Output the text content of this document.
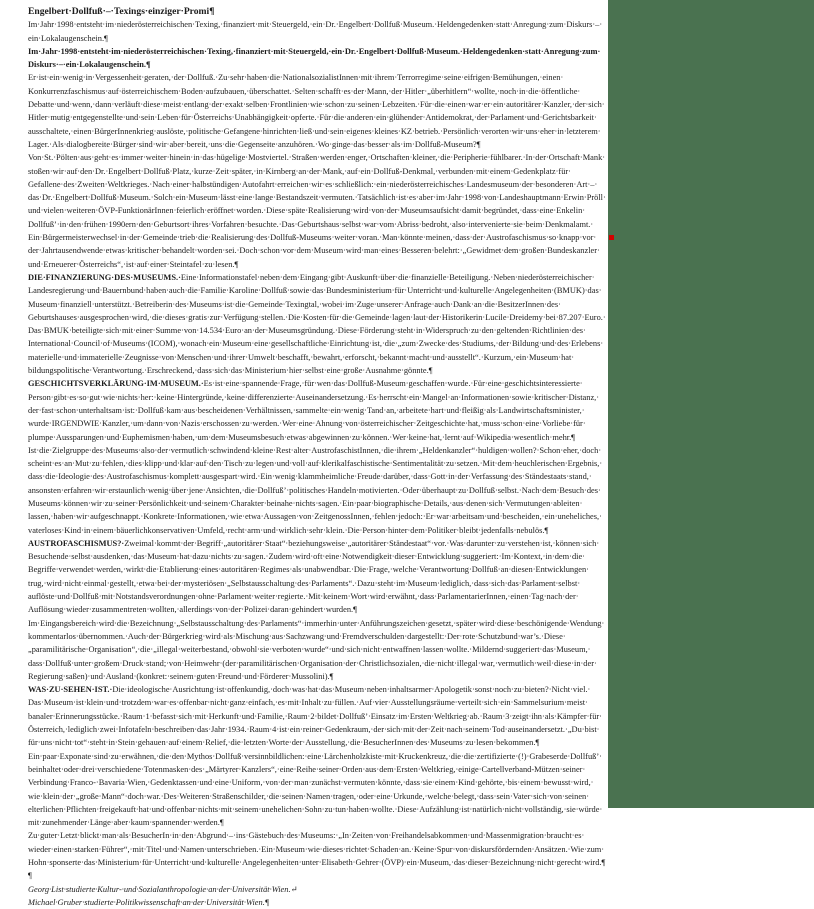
Engelbert·​Dollfuß·​–·​Texings·​einziger·​Promi¶

Im·​Jahr·​1998·​entsteht·​im·​niederösterreichischen·​Texing,·​finanziert·​mit·​Steuergeld,·​ein·​Dr.·​Engelbert·​Dollfuß·​Museum.·​Heldengedenken·​statt·​Anregung·​zum·​Diskurs·​–·​ein·​Lokalaugenschein.¶

Im·​Jahr·​1998·​entsteht·​im·​niederösterreichischen·​Texing,·​finanziert·​mit·​Steuergeld,·​ein·​Dr.·​Engelbert·​Dollfuß·​Museum.·​Heldengedenken·​statt·​Anregung·​zum·​Diskurs·​–·​ein·​Lokalaugenschein.¶

Er·​ist·​ein·​wenig·​in·​Vergessenheit·​geraten,·​der·​Dollfuß.·​Zu·​sehr·​haben·​die·​NationalsozialistInnen·​mit·​ihrem·​Terrorregime·​seine·​eifrigen·​Bemühungen,·​einen·​Konkurrenzfaschismus·​auf·​österreichischem·​Boden·​aufzubauen,·​überschattet.·​Selten·​schafft·​es·​der·​Mann,·​der·​Hitler·​„überhitlern“·​wollte,·​noch·​in·​die·​öffentliche·​Debatte·​und·​wenn,·​dann·​verläuft·​diese·​meist·​entlang·​der·​exakt·​selben·​Frontlinien·​wie·​schon·​zu·​seinen·​Lebzeiten.·​Für·​die·​einen·​war·​er·​ein·​autoritärer·​Kanzler,·​der·​sich·​Hitler·​mutig·​entgegenstellte·​und·​sein·​Leben·​für·​Österreichs·​Unabhängigkeit·​opferte.·​Für·​die·​anderen·​ein·​glühender·​Antidemokrat,·​der·​Parlament·​und·​Gerichtsbarkeit·​ausschaltete,·​einen·​BürgerInnenkrieg·​auslöste,·​politische·​Gefangene·​hinrichten·​ließ·​und·​sein·​eigenes·​kleines·​KZ·​betrieb.·​Persönlich·​verorten·​wir·​uns·​eher·​in·​letzterem·​Lager.·​Als·​dialogbereite·​Bürger·​sind·​wir·​aber·​bereit,·​uns·​die·​Gegenseite·​anzuhören.·​Wo·​ginge·​das·​besser·​als·​im·​Dollfuß-Museum?¶

Von·​St.·​Pölten·​aus·​geht·​es·​immer·​weiter·​hinein·​in·​das·​hügelige·​Mostviertel.·​Straßen·​werden·​enger,·​Ortschaften·​kleiner,·​die·​Peripherie·​fühlbarer.·​In·​der·​Ortschaft·​Mank·​stoßen·​wir·​auf·​den·​Dr.·​Engelbert·​Dollfuß·​Platz,·​kurze·​Zeit·​später,·​in·​Kirnberg·​an·​der·​Mank,·​auf·​ein·​Dollfuß-Denkmal,·​verbunden·​mit·​einem·​Gedenkplatz·​für·​Gefallene·​des·​Zweiten·​Weltkrieges.·​Nach·​einer·​halbstündigen·​Autofahrt·​erreichen·​wir·​es·​schließlich:·​ein·​niederösterreichisches·​Landesmuseum·​der·​besonderen·​Art·​–·​das·​Dr.·​Engelbert·​Dollfuß·​Museum.·​Solch·​ein·​Museum·​lässt·​eine·​lange·​Bestandszeit·​vermuten.·​Tatsächlich·​ist·​es·​aber·​im·​Jahr·​1998·​von·​Landeshauptmann·​Erwin·​Pröll·​und·​vielen·​weiteren·​ÖVP-FunktionärInnen·​feierlich·​eröffnet·​worden.·​Diese·​späte·​Realisierung·​wird·​von·​der·​Museumsaufsicht·​damit·​begründet,·​dass·​eine·​Enkelin·​Dollfuß’·​in·​den·​frühen·​1990ern·​den·​Geburtsort·​ihres·​Vorfahren·​besuchte.·​Das·​Geburtshaus·​selbst·​war·​vom·​Abriss·​bedroht,·​also·​intervenierte·​sie·​beim·​Denkmalamt.·​Ein·​Bürgermeisterwechsel·​in·​der·​Gemeinde·​trieb·​die·​Realisierung·​des·​Dollfuß-Museums·​weiter·​voran.·​Man·​könnte·​meinen,·​dass·​der·​Austrofaschismus·​so·​knapp·​vor·​der·​Jahrtausendwende·​etwas·​kritischer·​behandelt·​worden·​sei.·​Doch·​schon·​vor·​dem·​Museum·​wird·​man·​eines·​Besseren·​belehrt:·​„Gewidmet·​dem·​großen·​Bundeskanzler·​und·​Erneuerer·​Österreichs“,·​ist·​auf·​einer·​Steintafel·​zu·​lesen.¶

DIE·​FINANZIERUNG·​DES·​MUSEUMS.·​Eine·​Informationstafel·​neben·​dem·​Eingang·​gibt·​Auskunft·​über·​die·​finanzielle·​Beteiligung.·​Neben·​niederösterreichischer·​Landesregierung·​und·​Bauernbund·​haben·​auch·​die·​Familie·​Karoline·​Dollfuß·​sowie·​das·​Bundesministerium·​für·​Unterricht·​und·​kulturelle·​Angelegenheiten·​(BMUK)·​das·​Museum·​finanziell·​unterstützt.·​Betreiberin·​des·​Museums·​ist·​die·​Gemeinde·​Texingtal,·​wobei·​im·​Zuge·​unserer·​Anfrage·​auch·​Dank·​an·​die·​BesitzerInnen·​des·​Geburtshauses·​ausgesprochen·​wird,·​die·​dieses·​gratis·​zur·​Verfügung·​stellen.·​Die·​Kosten·​für·​die·​Gemeinde·​lagen·​laut·​der·​Historikerin·​Lucile·​Dreidemy·​bei·​87.207·​Euro.·​Das·​BMUK·​beteiligte·​sich·​mit·​einer·​Summe·​von·​14.534·​Euro·​an·​der·​Museumsgründung.·​Diese·​Förderung·​steht·​in·​Widerspruch·​zu·​den·​geltenden·​Richtlinien·​des·​International·​Council·​of·​Museums·​(ICOM),·​wonach·​ein·​Museum·​eine·​gesellschaftliche·​Einrichtung·​ist,·​die·​„zum·​Zwecke·​des·​Studiums,·​der·​Bildung·​und·​des·​Erlebens·​materielle·​und·​immaterielle·​Zeugnisse·​von·​Menschen·​und·​ihrer·​Umwelt·​beschafft,·​bewahrt,·​erforscht,·​bekannt·​macht·​und·​ausstellt“.·​Kurzum,·​ein·​Museum·​hat·​bildungspolitische·​Verantwortung.·​Erschreckend,·​dass·​sich·​das·​Ministerium·​hier·​selbst·​eine·​große·​Ausnahme·​gönnte.¶

GESCHICHTSVERKLÄRUNG·​IM·​MUSEUM.·​Es·​ist·​eine·​spannende·​Frage,·​für·​wen·​das·​Dollfuß-Museum·​geschaffen·​wurde.·​Für·​eine·​geschichtsinteressierte·​Person·​gibt·​es·​so·​gut·​wie·​nichts·​her:·​keine·​Hintergründe,·​keine·​differenzierte·​Auseinandersetzung.·​Es·​herrscht·​ein·​Mangel·​an·​Informationen·​sowie·​kritischer·​Distanz,·​der·​fast·​schon·​unterhaltsam·​ist:·​Dollfuß·​kam·​aus·​bescheidenen·​Verhältnissen,·​sammelte·​ein·​wenig·​Tand·​an,·​arbeitete·​hart·​und·​fleißig·​als·​Landwirtschaftsminister,·​wurde·​IRGENDWIE·​Kanzler,·​um·​dann·​von·​Nazis·​erschossen·​zu·​werden.·​Wer·​eine·​Ahnung·​von·​österreichischer·​Zeitgeschichte·​hat,·​muss·​schon·​eine·​Vorliebe·​für·​plumpe·​Aussparungen·​und·​Euphemismen·​haben,·​um·​dem·​Museumsbesuch·​etwas·​abgewinnen·​zu·​können.·​Wer·​keine·​hat,·​lernt·​auf·​Wikipedia·​wesentlich·​mehr.¶

Ist·​die·​Zielgruppe·​des·​Museums·​also·​der·​vermutlich·​schwindend·​kleine·​Rest·​alter·​AustrofaschistInnen,·​die·​ihrem·​„Heldenkanzler“·​huldigen·​wollen?·​Schon·​eher,·​doch·​scheint·​es·​an·​Mut·​zu·​fehlen,·​dies·​klipp·​und·​klar·​auf·​den·​Tisch·​zu·​legen·​und·​voll·​auf·​klerikalfaschistische·​Sentimentalität·​zu·​setzen.·​Mit·​dem·​heuchlerischen·​Ergebnis,·​dass·​die·​Ideologie·​des·​Austrofaschismus·​komplett·​ausgespart·​wird.·​Ein·​wenig·​klammheimliche·​Freude·​darüber,·​dass·​Gott·​in·​der·​Verfassung·​des·​Ständestaats·​stand,·​ansonsten·​erfahren·​wir·​erstaunlich·​wenig·​über·​jene·​Ansichten,·​die·​Dollfuß’·​politisches·​Handeln·​motivierten.·​Oder·​überhaupt·​zu·​Dollfuß·​selbst.·​Nach·​dem·​Besuch·​des·​Museums·​können·​wir·​zu·​seiner·​Persönlichkeit·​und·​seinem·​Charakter·​beinahe·​nichts·​sagen.·​Ein·​paar·​biographische·​Details,·​aus·​denen·​sich·​Vermutungen·​ableiten·​lassen,·​haben·​wir·​aufgeschnappt.·​Konkrete·​Informationen,·​wie·​etwa·​Aussagen·​von·​ZeitgenossInnen,·​fehlen·​jedoch:·​Er·​war·​arbeitsam·​und·​bescheiden,·​ein·​uneheliches,·​vaterloses·​Kind·​in·​einem·​bäuerlichkonservativen·​Umfeld,·​recht·​arm·​und·​wirklich·​sehr·​klein.·​Die·​Person·​hinter·​dem·​Politiker·​bleibt·​jedenfalls·​nebulös.¶

AUSTROFASCHISMUS?·​Zweimal·​kommt·​der·​Begriff·​„autoritärer·​Staat“·​beziehungsweise·​„autoritärer·​Ständestaat“·​vor.·​Was·​darunter·​zu·​verstehen·​ist,·​können·​sich·​Besuchende·​selbst·​ausdenken,·​das·​Museum·​hat·​dazu·​nichts·​zu·​sagen.·​Zudem·​wird·​oft·​eine·​Notwendigkeit·​dieser·​Entwicklung·​suggeriert:·​Im·​Kontext,·​in·​dem·​die·​Begriffe·​verwendet·​werden,·​wirkt·​die·​Etablierung·​eines·​autoritären·​Regimes·​als·​unabwendbar.·​Die·​Frage,·​welche·​Verantwortung·​Dollfuß·​an·​diesen·​Entwicklungen·​trug,·​wird·​nicht·​einmal·​gestellt,·​etwa·​bei·​der·​mysteriösen·​„Selbstausschaltung·​des·​Parlaments“.·​Dazu·​steht·​im·​Museum·​lediglich,·​dass·​sich·​das·​Parlament·​selbst·​auflöste·​und·​Dollfuß·​mit·​Notstandsverordnungen·​ohne·​Parlament·​weiter·​regierte.·​Mit·​keinem·​Wort·​wird·​erwähnt,·​dass·​ParlamentarierInnen,·​einen·​Tag·​nach·​der·​Auflösung·​wieder·​zusammentreten·​wollten,·​allerdings·​von·​der·​Polizei·​daran·​gehindert·​wurden.¶

Im·​Eingangsbereich·​wird·​die·​Bezeichnung·​„Selbstausschaltung·​des·​Parlaments“·​immerhin·​unter·​Anführungszeichen·​gesetzt,·​später·​wird·​diese·​beschönigende·​Wendung·​kommentarlos·​übernommen.·​Auch·​der·​Bürgerkrieg·​wird·​als·​Mischung·​aus·​Sachzwang·​und·​Fremdverschulden·​dargestellt:·​Der·​rote·​Schutzbund·​war’s.·​Diese·​„paramilitärische·​Organisation“,·​die·​„illegal·​weiterbestand,·​obwohl·​sie·​verboten·​wurde“·​und·​sich·​nicht·​entwaffnen·​lassen·​wollte.·​Mildernd·​suggeriert·​das·​Museum,·​dass·​Dollfuß·​unter·​großem·​Druck·​stand;·​von·​Heimwehr·​(der·​paramilitärischen·​Organisation·​der·​Christlichsozialen,·​die·​nicht·​illegal·​war,·​vermutlich·​weil·​diese·​in·​der·​Regierung·​saßen)·​und·​Ausland·​(konkret:·​seinem·​guten·​Freund·​und·​Förderer·​Mussolini).¶

WAS·​ZU·​SEHEN·​IST.·​Die·​ideologische·​Ausrichtung·​ist·​offenkundig,·​doch·​was·​hat·​das·​Museum·​neben·​inhaltsarmer·​Apologetik·​sonst·​noch·​zu·​bieten?·​Nicht·​viel.·​Das·​Museum·​ist·​klein·​und·​trotzdem·​war·​es·​offenbar·​nicht·​ganz·​einfach,·​es·​mit·​Inhalt·​zu·​füllen.·​Auf·​vier·​Ausstellungsräume·​verteilt·​sich·​ein·​Sammelsurium·​meist·​banaler·​Erinnerungsstücke.·​Raum·​1·​befasst·​sich·​mit·​Herkunft·​und·​Familie,·​Raum·​2·​bildet·​Dollfuß’·​Einsatz·​im·​Ersten·​Weltkrieg·​ab.·​Raum·​3·​zeigt·​ihn·​als·​Kämpfer·​für·​Österreich,·​lediglich·​zwei·​Infotafeln·​beschreiben·​das·​Jahr·​1934.·​Raum·​4·​ist·​ein·​reiner·​Gedenkraum,·​der·​sich·​mit·​der·​Zeit·​nach·​seinem·​Tod·​auseinandersetzt.·​„Du·​bist·​für·​uns·​nicht·​tot“·​steht·​in·​Stein·​gehauen·​auf·​einem·​Relief,·​die·​letzten·​Worte·​der·​Ausstellung,·​die·​BesucherInnen·​des·​Museums·​zu·​lesen·​bekommen.¶

Ein·​paar·​Exponate·​sind·​zu·​erwähnen,·​die·​den·​Mythos·​Dollfuß·​versinnbildlichen:·​eine·​Lärchenholzkiste·​mit·​Kruckenkreuz,·​die·​die·​zertifizierte·​(!)·​Grabeserde·​Dollfuß’·​beinhaltet·​oder·​drei·​verschiedene·​Totenmasken·​des·​„Märtyrer·​Kanzlers“,·​eine·​Reihe·​seiner·​Orden·​aus·​dem·​Ersten·​Weltkrieg,·​einige·​Cartellverband-Mützen·​seiner·​Verbindung·​Franco-·​Bavaria·​Wien,·​Gedenktassen·​und·​eine·​Uniform,·​von·​der·​man·​zunächst·​vermuten·​könnte,·​dass·​sie·​einem·​Kind·​gehörte,·​bis·​einem·​bewusst·​wird,·​wie·​klein·​der·​„große·​Mann“·​doch·​war.·​Des·​Weiteren·​Straßenschilder,·​die·​seinen·​Namen·​tragen,·​oder·​eine·​Urkunde,·​welche·​belegt,·​dass·​sein·​Vater·​sich·​von·​seinen·​elterlichen·​Pflichten·​freigekauft·​hat·​und·​offenbar·​nichts·​mit·​seinem·​unehelichen·​Sohn·​zu·​tun·​haben·​wollte.·​Diese·​Aufzählung·​ist·​natürlich·​nicht·​vollständig,·​sie·​würde·​mit·​zunehmender·​Länge·​aber·​kaum·​spannender·​werden.¶

Zu·​guter·​Letzt·​blickt·​man·​als·​BesucherIn·​in·​den·​Abgrund·​–·​ins·​Gästebuch·​des·​Museums:·​„In·​Zeiten·​von·​Freihandelsabkommen·​und·​Massenmigration·​braucht·​es·​wieder·​einen·​starken·​Führer“,·​mit·​Titel·​und·​Namen·​unterschrieben.·​Ein·​Museum·​wie·​dieses·​richtet·​Schaden·​an.·​Keine·​Spur·​von·​diskursfördernden·​Ansätzen.·​Wie·​zum·​Hohn·​sponserte·​das·​Ministerium·​für·​Unterricht·​und·​kulturelle·​Angelegenheiten·​unter·​Elisabeth·​Gehrer·​(ÖVP)·​ein·​Museum,·​das·​dieser·​Bezeichnung·​nicht·​gerecht·​wird.¶

¶

Georg·​List·​studierte·​Kultur-·​und·​Sozialanthropologie·​an·​der·​Universität·​Wien.↵

Michael·​Gruber·​studierte·​Politikwissenschaft·​an·​der·​Universität·​Wien.¶
